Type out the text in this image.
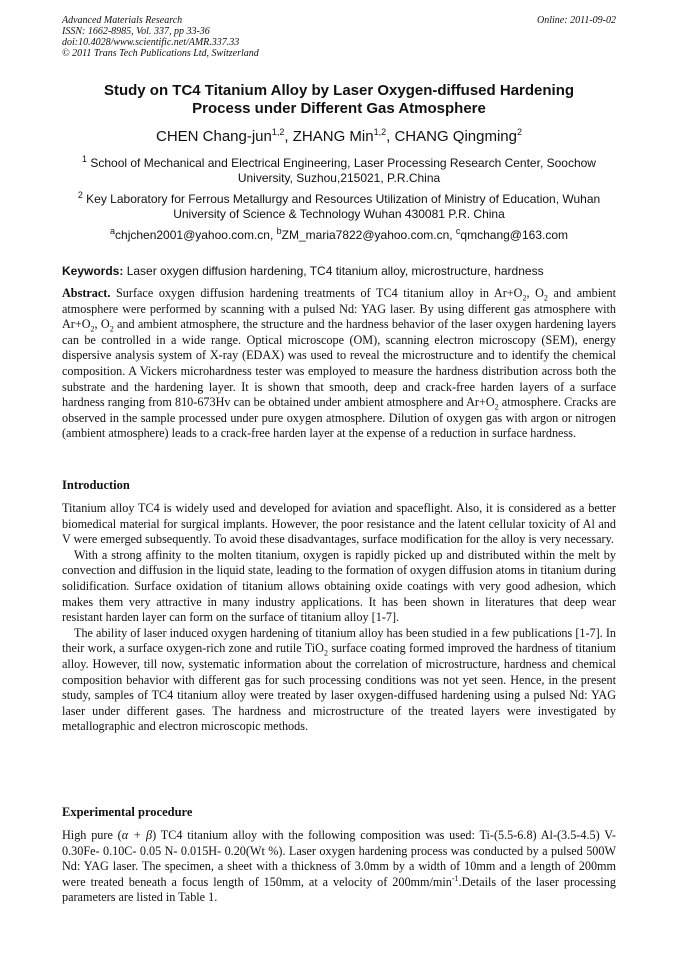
Advanced Materials Research	Online: 2011-09-02
ISSN: 1662-8985, Vol. 337, pp 33-36
doi:10.4028/www.scientific.net/AMR.337.33
© 2011 Trans Tech Publications Ltd, Switzerland
Study on TC4 Titanium Alloy by Laser Oxygen-diffused Hardening
Process under Different Gas Atmosphere
CHEN Chang-jun$^{1,2}$, ZHANG Min$^{1,2}$, CHANG Qingming$^2$
$^1$ School of Mechanical and Electrical Engineering, Laser Processing Research Center, Soochow
University, Suzhou,215021, P.R.China
$^2$ Key Laboratory for Ferrous Metallurgy and Resources Utilization of Ministry of Education, Wuhan
University of Science & Technology Wuhan 430081 P.R. China
$^a$chjchen2001@yahoo.com.cn, $^b$ZM_maria7822@yahoo.com.cn, $^c$qmchang@163.com
Keywords: Laser oxygen diffusion hardening, TC4 titanium alloy, microstructure, hardness

Abstract. Surface oxygen diffusion hardening treatments of TC4 titanium alloy in $Ar+O_2$, $O_2$ and ambient atmosphere were performed by scanning with a pulsed Nd: YAG laser. By using different gas atmosphere with $Ar+O_2$, $O_2$ and ambient atmosphere, the structure and the hardness behavior of the laser oxygen hardening layers can be controlled in a wide range. Optical microscope (OM), scanning electron microscopy (SEM), energy dispersive analysis system of X-ray (EDAX) was used to reveal the microstructure and to identify the chemical composition. A Vickers microhardness tester was employed to measure the hardness distribution across both the substrate and the hardening layer. It is shown that smooth, deep and crack-free harden layers of a surface hardness ranging from 810-673Hv can be obtained under ambient atmosphere and $Ar+O_2$ atmosphere. Cracks are observed in the sample processed under pure oxygen atmosphere. Dilution of oxygen gas with argon or nitrogen (ambient atmosphere) leads to a crack-free harden layer at the expense of a reduction in surface hardness.

Introduction

Titanium alloy TC4 is widely used and developed for aviation and spaceflight. Also, it is considered as a better biomedical material for surgical implants. However, the poor resistance and the latent cellular toxicity of Al and V were emerged subsequently. To avoid these disadvantages, surface modification for the alloy is very necessary.

With a strong affinity to the molten titanium, oxygen is rapidly picked up and distributed within the melt by convection and diffusion in the liquid state, leading to the formation of oxygen diffusion atoms in titanium during solidification. Surface oxidation of titanium allows obtaining oxide coatings with very good adhesion, which makes them very attractive in many industry applications. It has been shown in literatures that deep wear resistant harden layer can form on the surface of titanium alloy [1-7].

The ability of laser induced oxygen hardening of titanium alloy has been studied in a few publications [1-7]. In their work, a surface oxygen-rich zone and rutile TiO$_2$ surface coating formed improved the hardness of titanium alloy. However, till now, systematic information about the correlation of microstructure, hardness and chemical composition behavior with different gas for such processing conditions was not yet seen. Hence, in the present study, samples of TC4 titanium alloy were treated by laser oxygen-diffused hardening using a pulsed Nd: YAG laser under different gases. The hardness and microstructure of the treated layers were investigated by metallographic and electron microscopic methods.

Experimental procedure

High pure (α + β) TC4 titanium alloy with the following composition was used: Ti-(5.5-6.8) Al-(3.5-4.5) V- 0.30Fe- 0.10C- 0.05 N- 0.015H- 0.20(Wt %). Laser oxygen hardening process was conducted by a pulsed 500W Nd: YAG laser. The specimen, a sheet with a thickness of 3.0mm by a width of 10mm and a length of 200mm were treated beneath a focus length of 150mm, at a velocity of $200mm/\min^{-1}.Details$ of the laser processing parameters are listed in Table 1.
